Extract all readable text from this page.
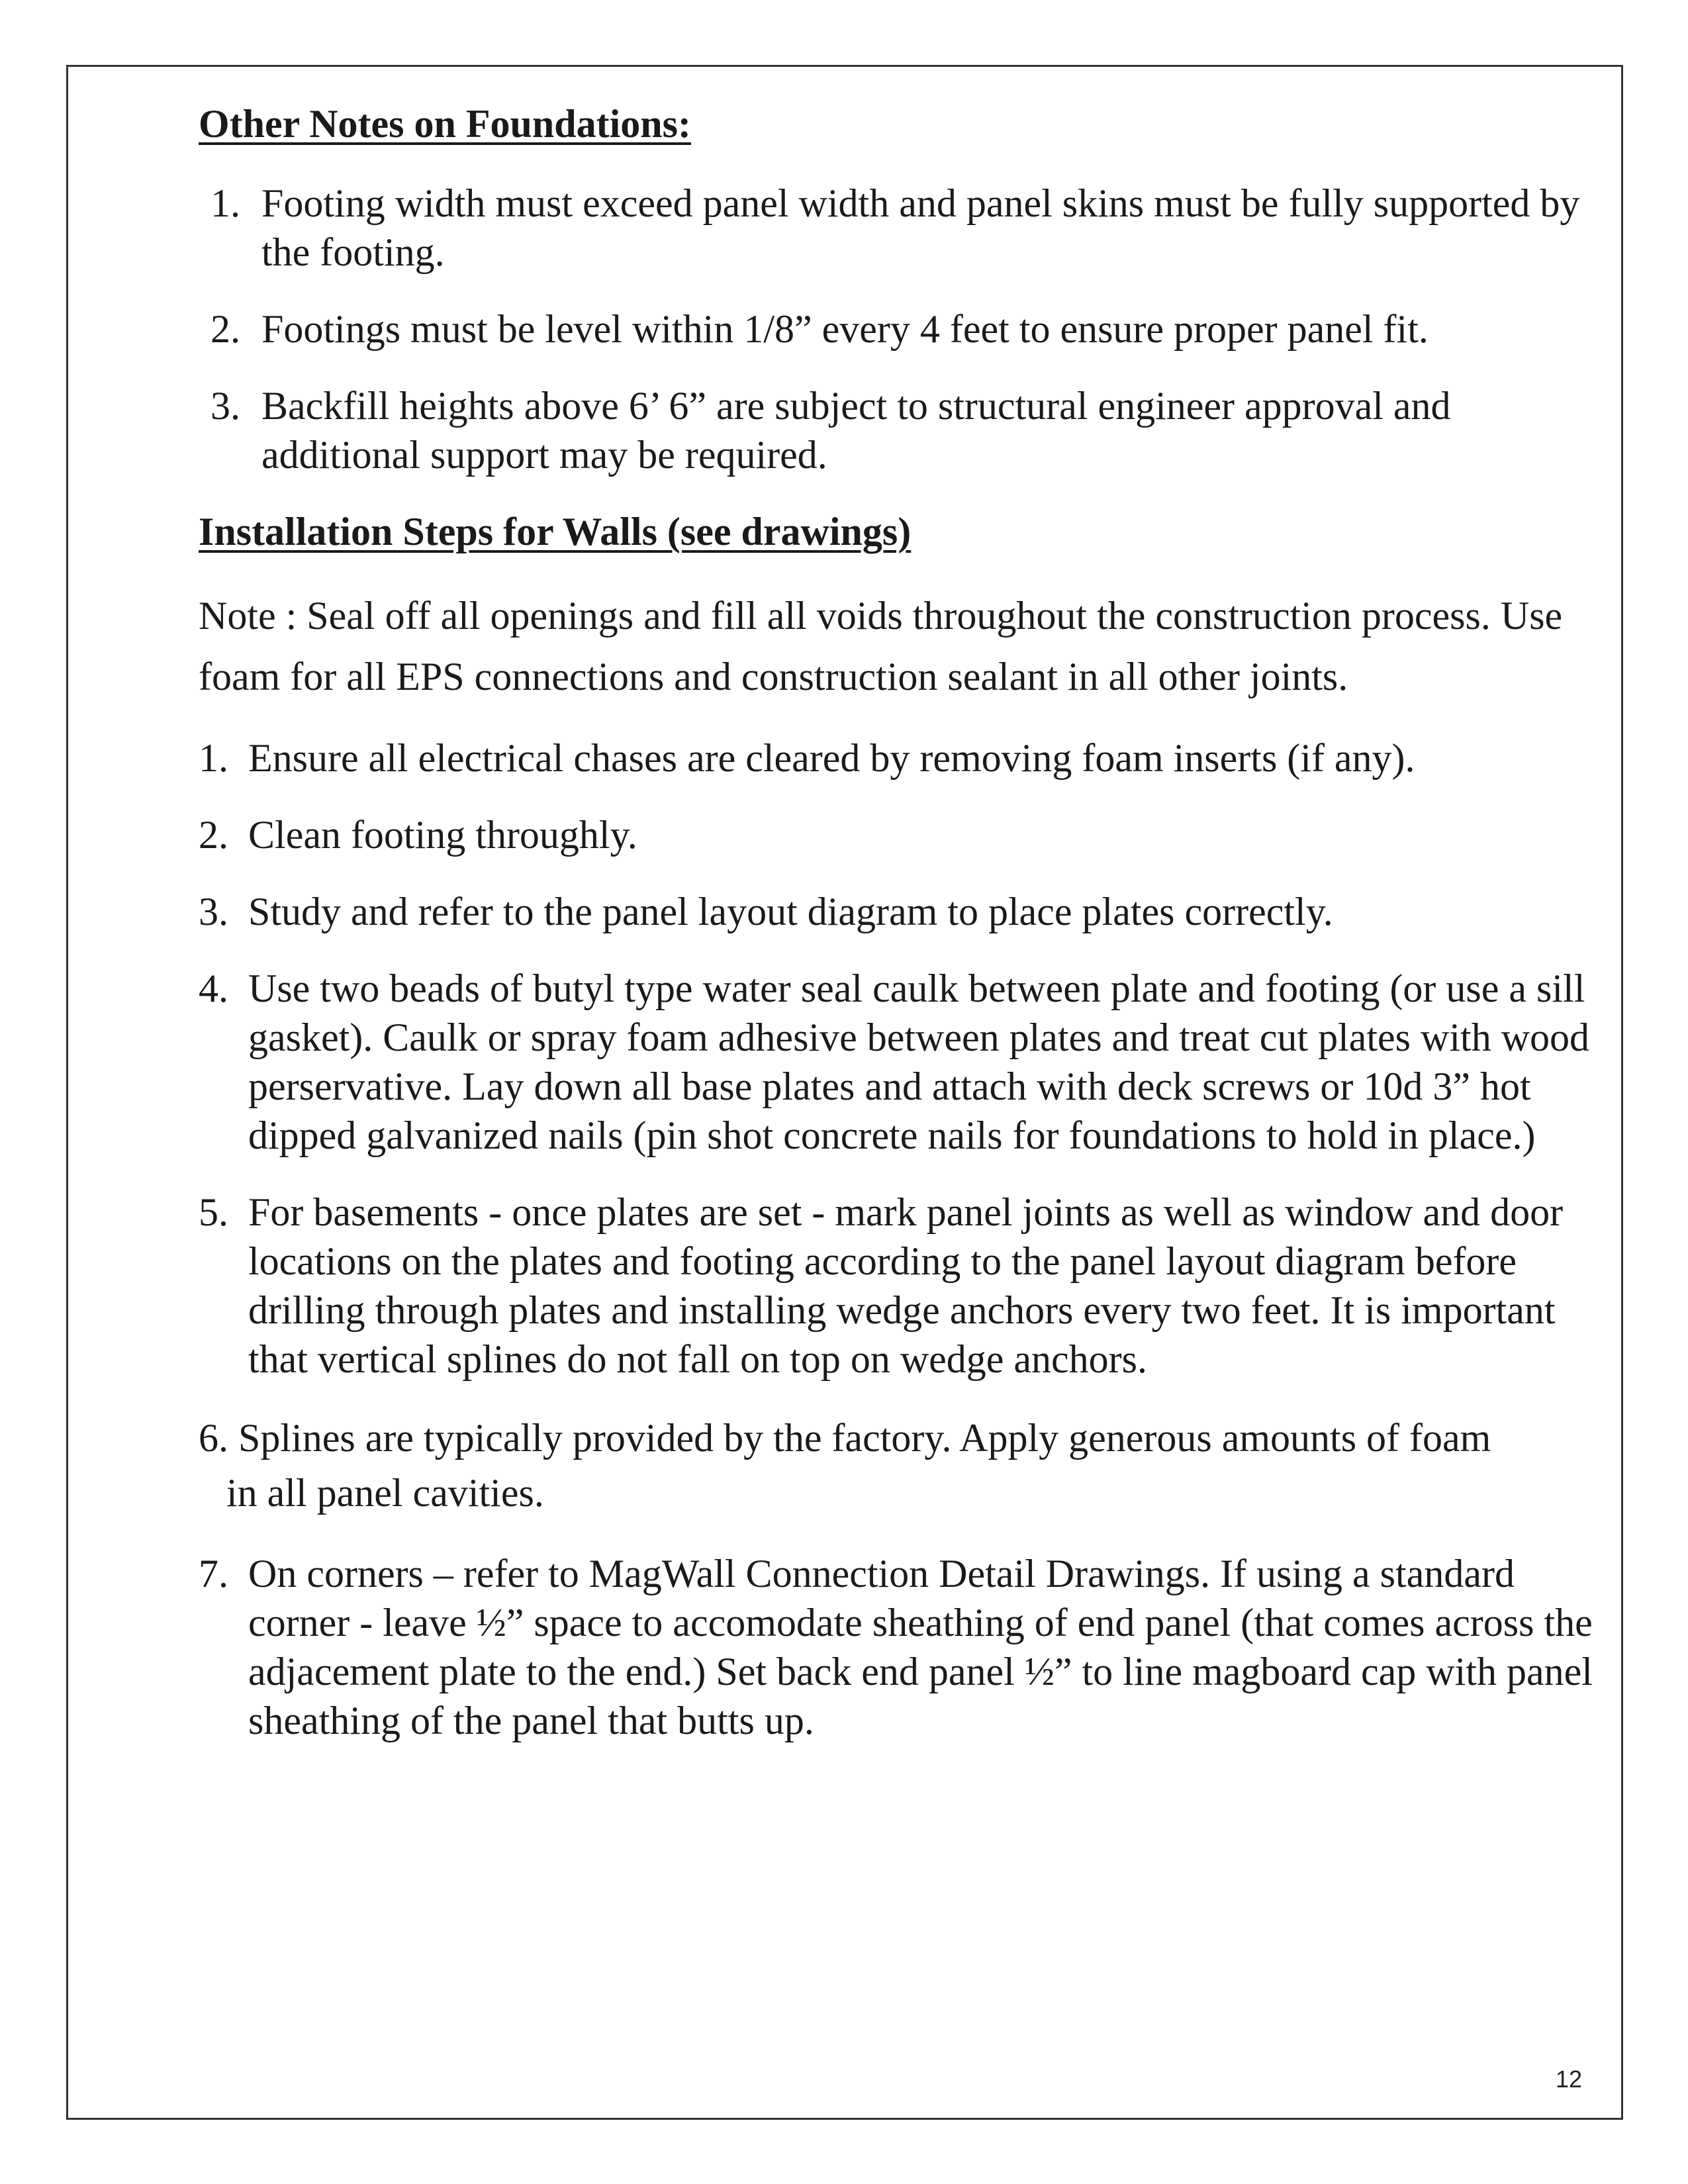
Other Notes on Foundations:

1. Footing width must exceed panel width and panel skins must be fully supported by the footing.
2. Footings must be level within 1/8” every 4 feet to ensure proper panel fit.
3. Backfill heights above 6’ 6” are subject to structural engineer approval and additional support may be required.

Installation Steps for Walls (see drawings)

Note : Seal off all openings and fill all voids throughout the construction process. Use foam for all EPS connections and construction sealant in all other joints.

1. Ensure all electrical chases are cleared by removing foam inserts (if any).
2. Clean footing throughly.
3. Study and refer to the panel layout diagram to place plates correctly.
4. Use two beads of butyl type water seal caulk between plate and footing (or use a sill gasket). Caulk or spray foam adhesive between plates and treat cut plates with wood perservative. Lay down all base plates and attach with deck screws or 10d 3” hot dipped galvanized nails (pin shot concrete nails for foundations to hold in place.)
5. For basements - once plates are set - mark panel joints as well as window and door locations on the plates and footing according to the panel layout diagram before drilling through plates and installing wedge anchors every two feet. It is important that vertical splines do not fall on top on wedge anchors.
6. Splines are typically provided by the factory. Apply generous amounts of foam
in all panel cavities.
7. On corners – refer to MagWall Connection Detail Drawings. If using a standard corner - leave ½” space to accomodate sheathing of end panel (that comes across the adjacement plate to the end.) Set back end panel ½” to line magboard cap with panel sheathing of the panel that butts up.
12
